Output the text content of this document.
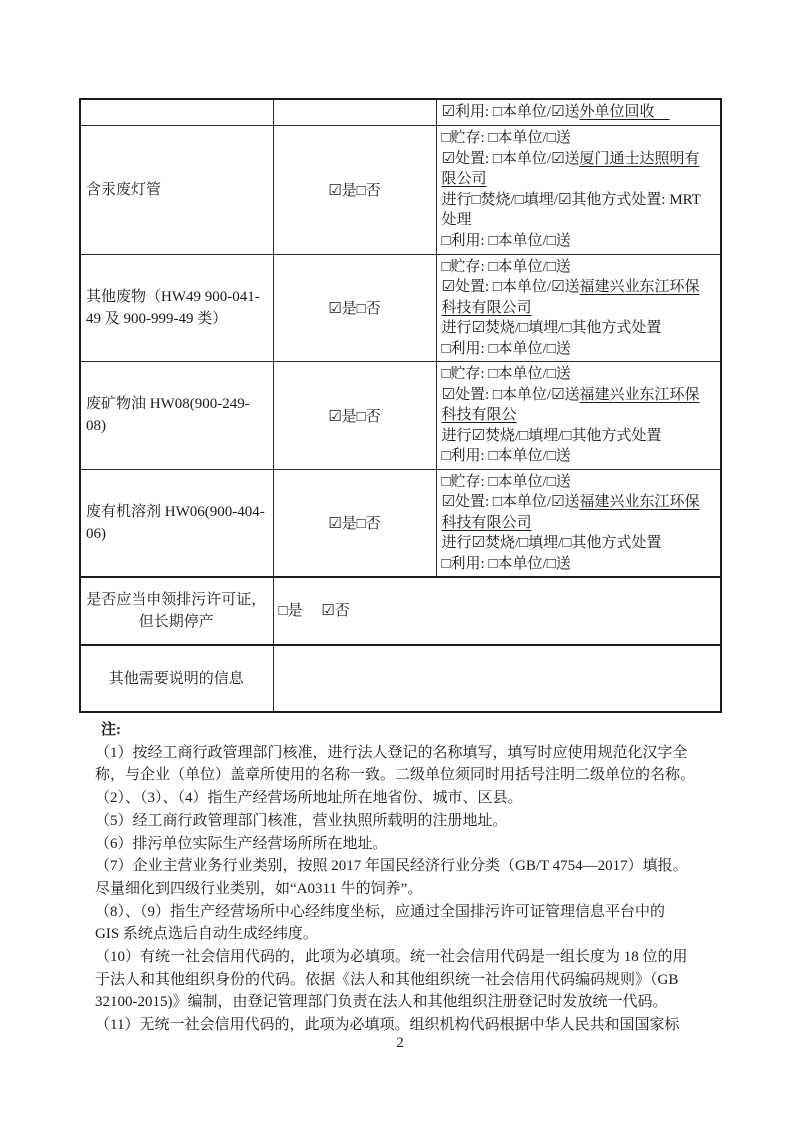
		☑利用: □本单位/☑送外单位回收

含汞废灯管	☑是□否	
□贮存: □本单位/□送
☑处置: □本单位/☑送厦门通士达照明有
限公司
进行□焚烧/□填埋/☑其他方式处置: MRT
处理
□利用: □本单位/□送

其他废物（HW49 900-041-49 及 900-999-49 类）	☑是□否	□贮存: □本单位/□送
☑处置: □本单位/☑送福建兴业东江环保
科技有限公司
进行☑焚烧/□填埋/□其他方式处置
□利用: □本单位/□送

废矿物油 HW08(900-249-08)	☑是□否	□贮存: □本单位/□送
☑处置: □本单位/☑送福建兴业东江环保
科技有限公
进行☑焚烧/□填埋/□其他方式处置
□利用: □本单位/□送

废有机溶剂 HW06(900-404-06)	☑是□否	□贮存: □本单位/□送
☑处置: □本单位/☑送福建兴业东江环保
科技有限公司
进行☑焚烧/□填埋/□其他方式处置
□利用: □本单位/□送

是否应当申领排污许可证，但长期停产	□是     ☑否	

其他需要说明的信息		
注:
（1）按经工商行政管理部门核准，进行法人登记的名称填写，填写时应使用规范化汉字全
称，与企业（单位）盖章所使用的名称一致。二级单位须同时用括号注明二级单位的名称。
（2）、（3）、（4）指生产经营场所地址所在地省份、城市、区县。
（5）经工商行政管理部门核准，营业执照所载明的注册地址。
（6）排污单位实际生产经营场所所在地址。
（7）企业主营业务行业类别，按照 2017 年国民经济行业分类（GB/T 4754—2017）填报。
尽量细化到四级行业类别，如“A0311 牛的饲养”。
（8）、（9）指生产经营场所中心经纬度坐标，应通过全国排污许可证管理信息平台中的
GIS 系统点选后自动生成经纬度。
（10）有统一社会信用代码的，此项为必填项。统一社会信用代码是一组长度为 18 位的用
于法人和其他组织身份的代码。依据《法人和其他组织统一社会信用代码编码规则》（GB
32100-2015)》编制，由登记管理部门负责在法人和其他组织注册登记时发放统一代码。
（11）无统一社会信用代码的，此项为必填项。组织机构代码根据中华人民共和国国家标
2
